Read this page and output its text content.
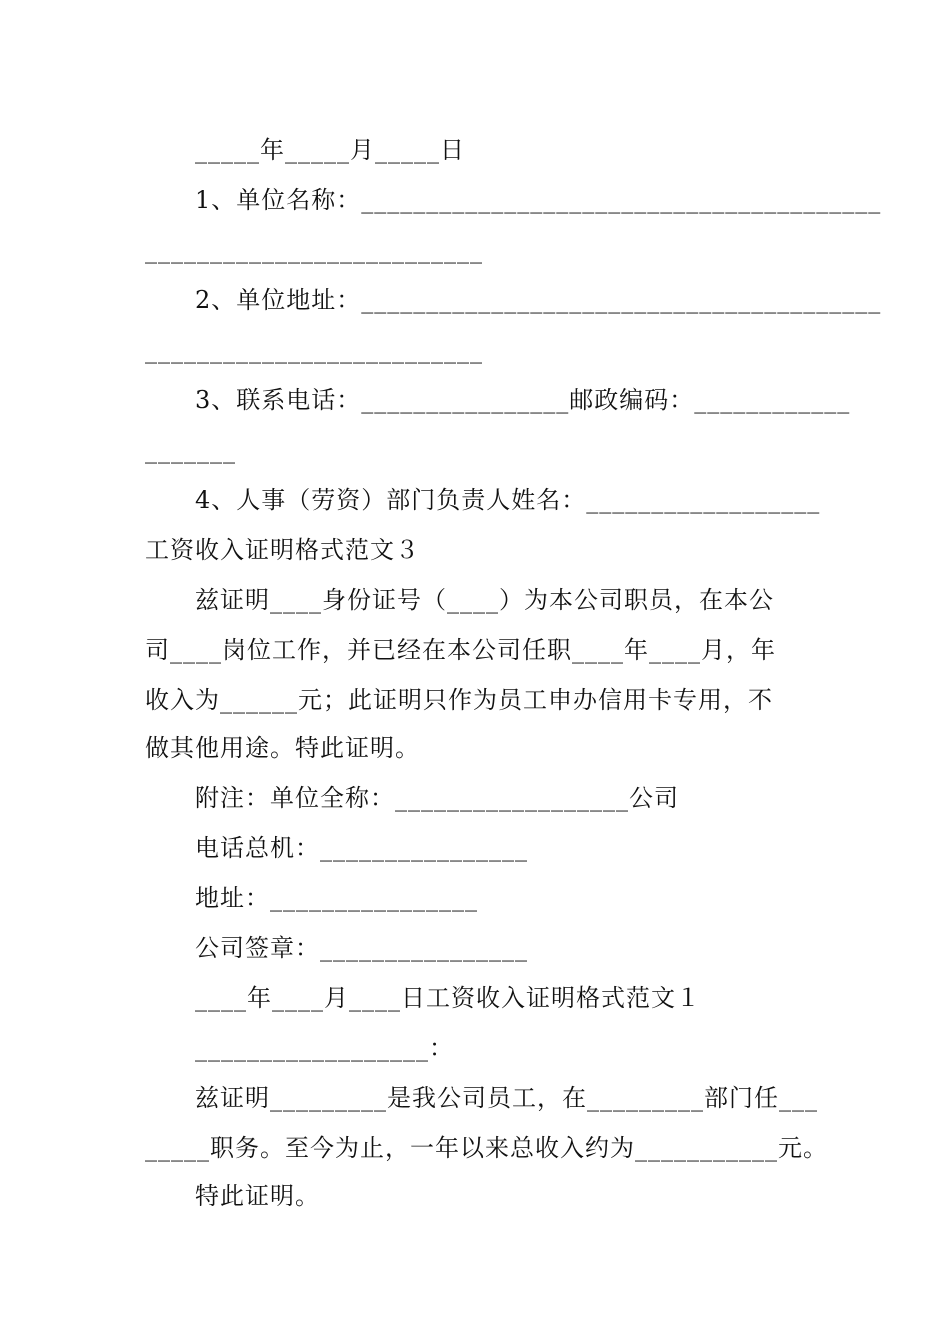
_____年_____月_____日
1、单位名称：________________________________________
__________________________
2、单位地址：________________________________________
__________________________
3、联系电话：________________邮政编码：____________
_______
4、人事（劳资）部门负责人姓名：__________________
工资收入证明格式范文３
兹证明____身份证号（____）为本公司职员，在本公
司____岗位工作，并已经在本公司任职____年____月，年
收入为______元；此证明只作为员工申办信用卡专用，不
做其他用途。特此证明。
附注：单位全称：__________________公司
电话总机：________________
地址：________________
公司签章：________________
____年____月____日工资收入证明格式范文１
__________________：
兹证明_________是我公司员工，在_________部门任___
_____职务。至今为止，一年以来总收入约为___________元。
特此证明。
